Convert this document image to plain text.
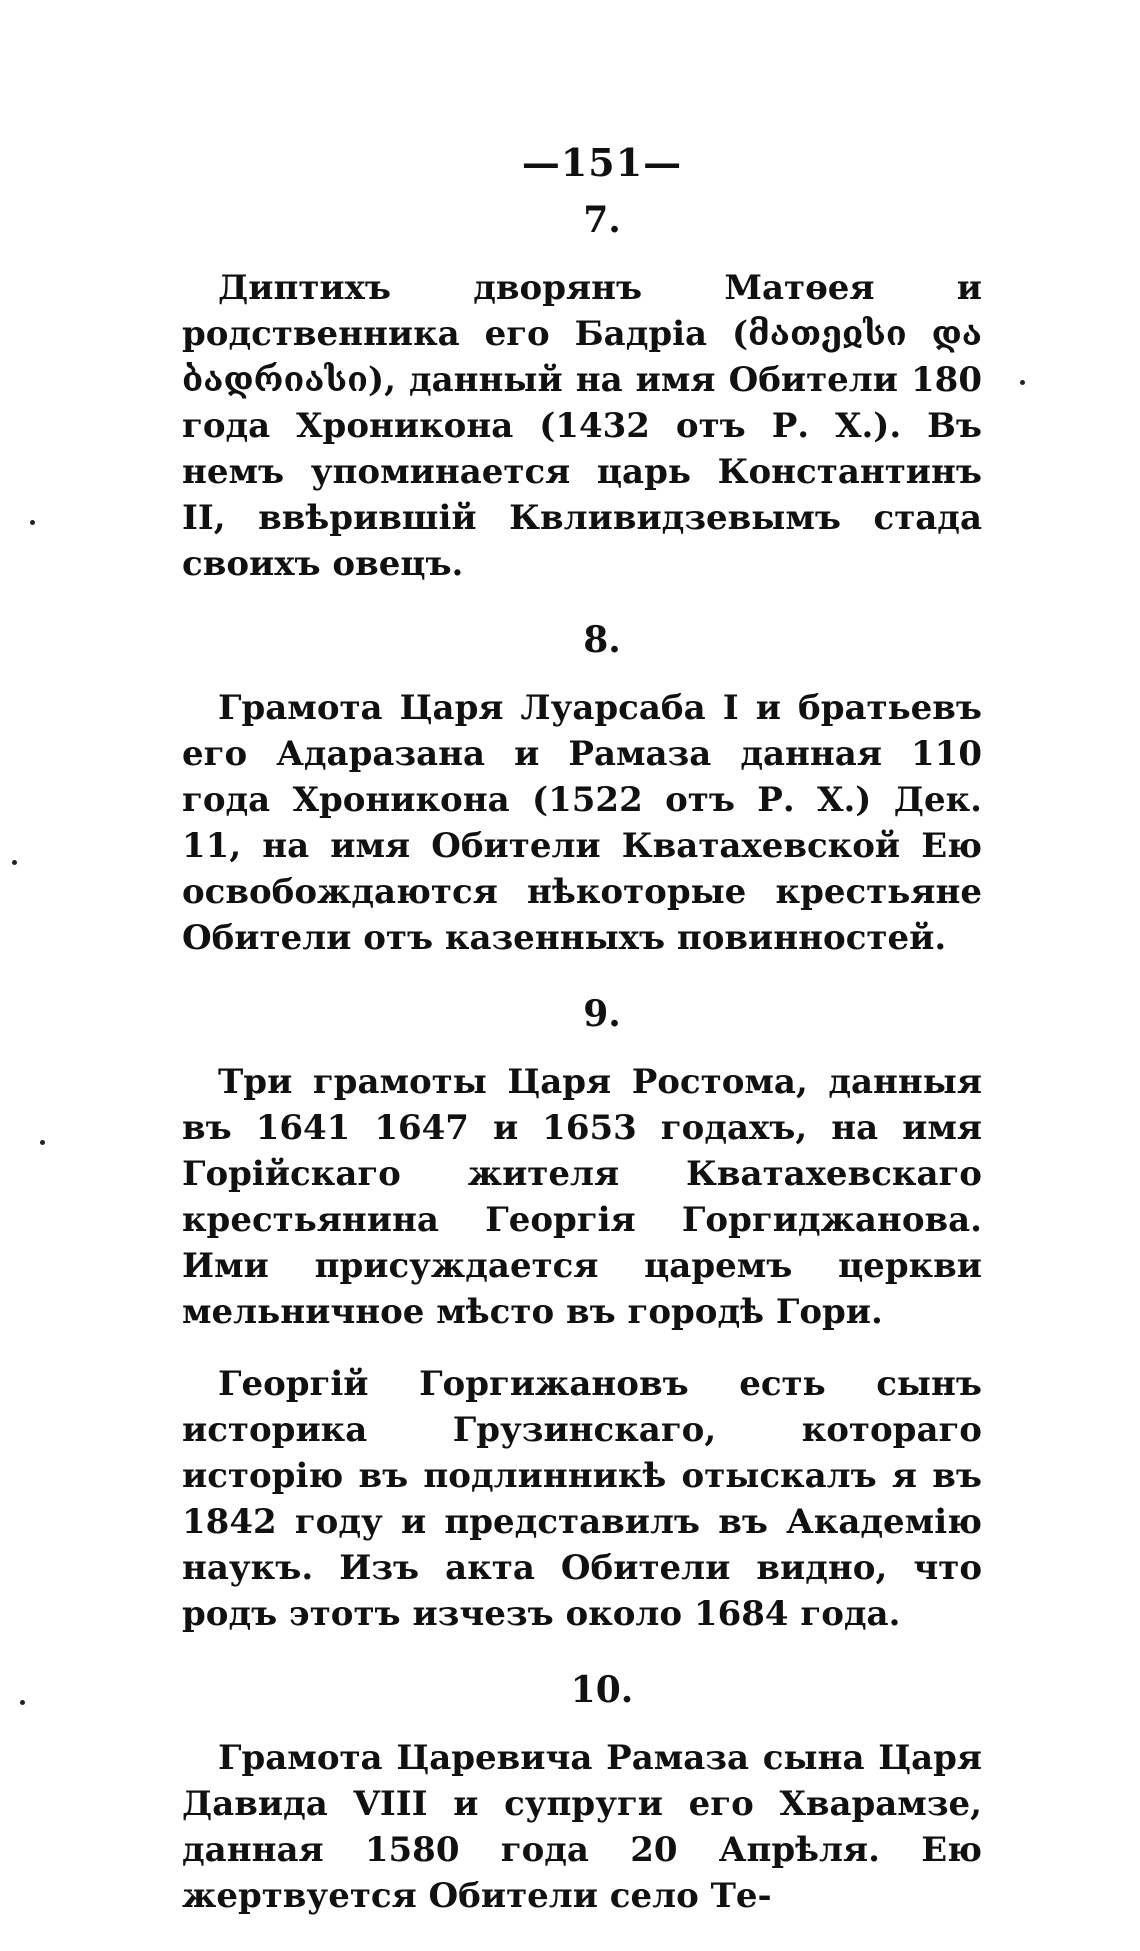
—151—
7.

Диптихъ дворянъ Матөея и родственника его Бадріа (მათეჲსი და ბადრიასი), данный на имя Обители 180 года Хроникона (1432 отъ Р. Х.). Въ немъ упоминается царь Константинъ II, ввѣрившій Квливидзевымъ стада своихъ овецъ.

8.

Грамота Царя Луарсаба I и братьевъ его Адаразана и Рамаза данная 110 года Хроникона (1522 отъ Р. Х.) Дек. 11, на имя Обители Кватахевской Ею освобождаются нѣкоторые крестьяне Обители отъ казенныхъ повинностей.

9.

Три грамоты Царя Ростома, данныя въ 1641 1647 и 1653 годахъ, на имя Горійскаго жителя Кватахевскаго крестьянина Георгія Горгиджанова. Ими присуждается царемъ церкви мельничное мѣсто въ городѣ Гори.

Георгій Горгижановъ есть сынъ историка Грузинскаго, котораго исторію въ подлинникѣ отыскалъ я въ 1842 году и представилъ въ Академію наукъ. Изъ акта Обители видно, что родъ этотъ изчезъ около 1684 года.

10.

Грамота Царевича Рамаза сына Царя Давида VIII и супруги его Хварамзе, данная 1580 года 20 Апрѣля. Ею жертвуется Обители село Те-
